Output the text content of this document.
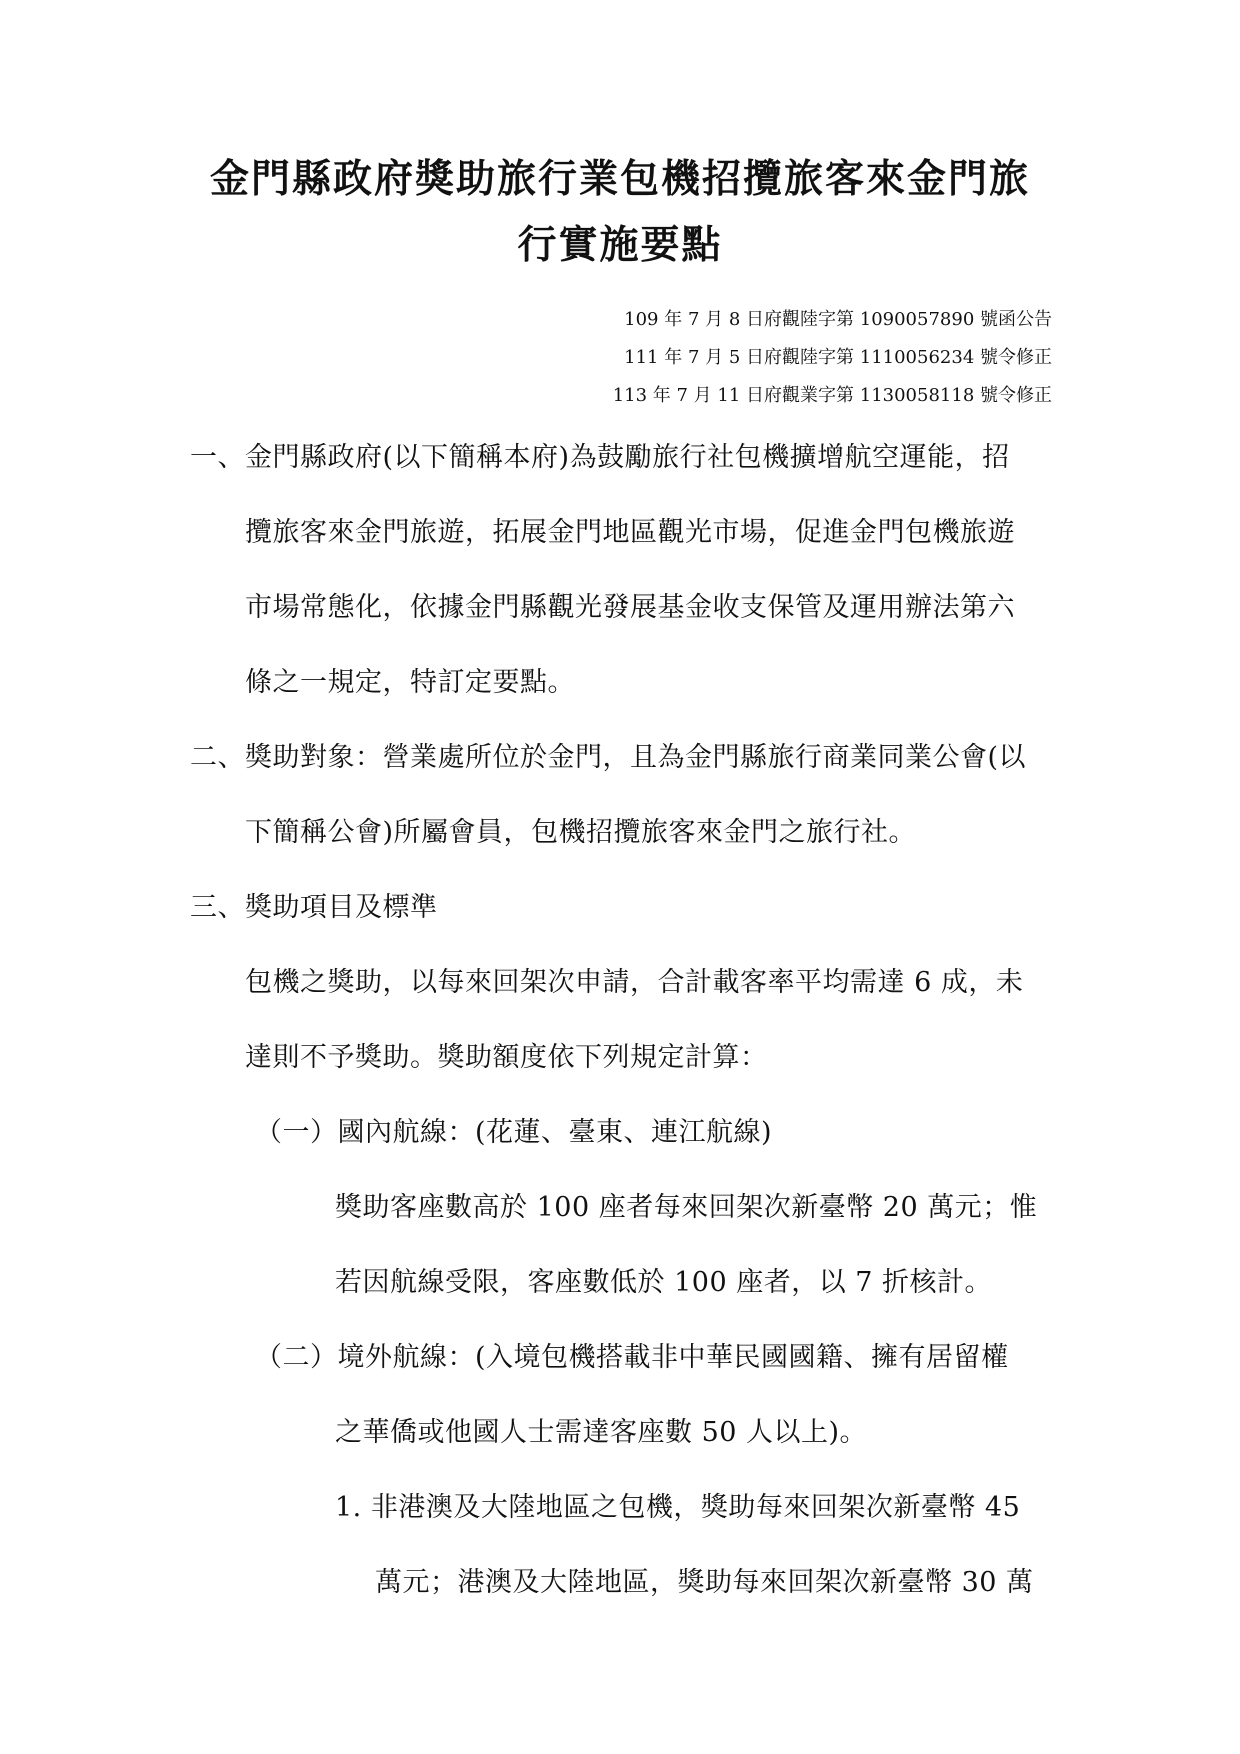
金門縣政府獎助旅行業包機招攬旅客來金門旅
行實施要點
109 年 7 月 8 日府觀陸字第 1090057890 號函公告
111 年 7 月 5 日府觀陸字第 1110056234 號令修正
113 年 7 月 11 日府觀業字第 1130058118 號令修正
一、金門縣政府(以下簡稱本府)為鼓勵旅行社包機擴增航空運能，招
攬旅客來金門旅遊，拓展金門地區觀光市場，促進金門包機旅遊
市場常態化，依據金門縣觀光發展基金收支保管及運用辦法第六
條之一規定，特訂定要點。
二、獎助對象：營業處所位於金門，且為金門縣旅行商業同業公會(以
下簡稱公會)所屬會員，包機招攬旅客來金門之旅行社。
三、獎助項目及標準
包機之獎助，以每來回架次申請，合計載客率平均需達 6 成，未
達則不予獎助。獎助額度依下列規定計算：
（一）國內航線：(花蓮、臺東、連江航線)
獎助客座數高於 100 座者每來回架次新臺幣 20 萬元；惟
若因航線受限，客座數低於 100 座者，以 7 折核計。
（二）境外航線：(入境包機搭載非中華民國國籍、擁有居留權
之華僑或他國人士需達客座數 50 人以上)。
1. 非港澳及大陸地區之包機，獎助每來回架次新臺幣 45
萬元；港澳及大陸地區，獎助每來回架次新臺幣 30 萬
